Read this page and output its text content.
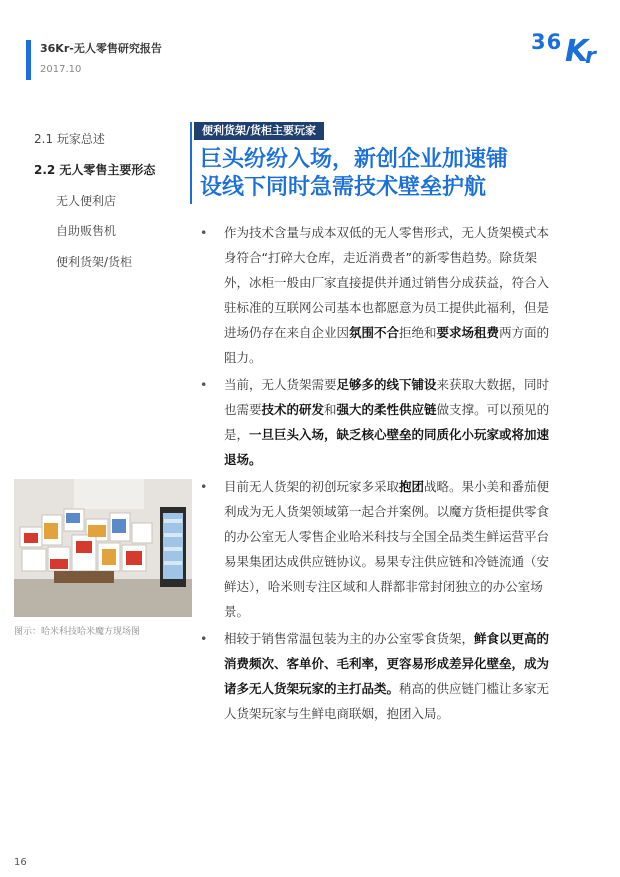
36Kr-无人零售研究报告
2017.10
36 K
r
2.1 玩家总述
2.2 无人零售主要形态
无人便利店
自助贩售机
便利货架/货柜
图示：哈米科技哈米魔方现场图
便利货架/货柜主要玩家
巨头纷纷入场，新创企业加速铺
设线下同时急需技术壁垒护航
• 作为技术含量与成本双低的无人零售形式，无人货架模式本身符合“打碎大仓库，走近消费者”的新零售趋势。除货架外，冰柜一般由厂家直接提供并通过销售分成获益，符合入驻标准的互联网公司基本也都愿意为员工提供此福利，但是进场仍存在来自企业因氛围不合拒绝和要求场租费两方面的阻力。
• 当前，无人货架需要足够多的线下铺设来获取大数据，同时也需要技术的研发和强大的柔性供应链做支撑。可以预见的是，一旦巨头入场，缺乏核心壁垒的同质化小玩家或将加速退场。
• 目前无人货架的初创玩家多采取抱团战略。果小美和番茄便利成为无人货架领域第一起合并案例。以魔方货柜提供零食的办公室无人零售企业哈米科技与全国全品类生鲜运营平台易果集团达成供应链协议。易果专注供应链和冷链流通（安鲜达），哈米则专注区域和人群都非常封闭独立的办公室场景。
• 相较于销售常温包装为主的办公室零食货架，鲜食以更高的消费频次、客单价、毛利率，更容易形成差异化壁垒，成为诸多无人货架玩家的主打品类。稍高的供应链门槛让多家无人货架玩家与生鲜电商联姻，抱团入局。
16
